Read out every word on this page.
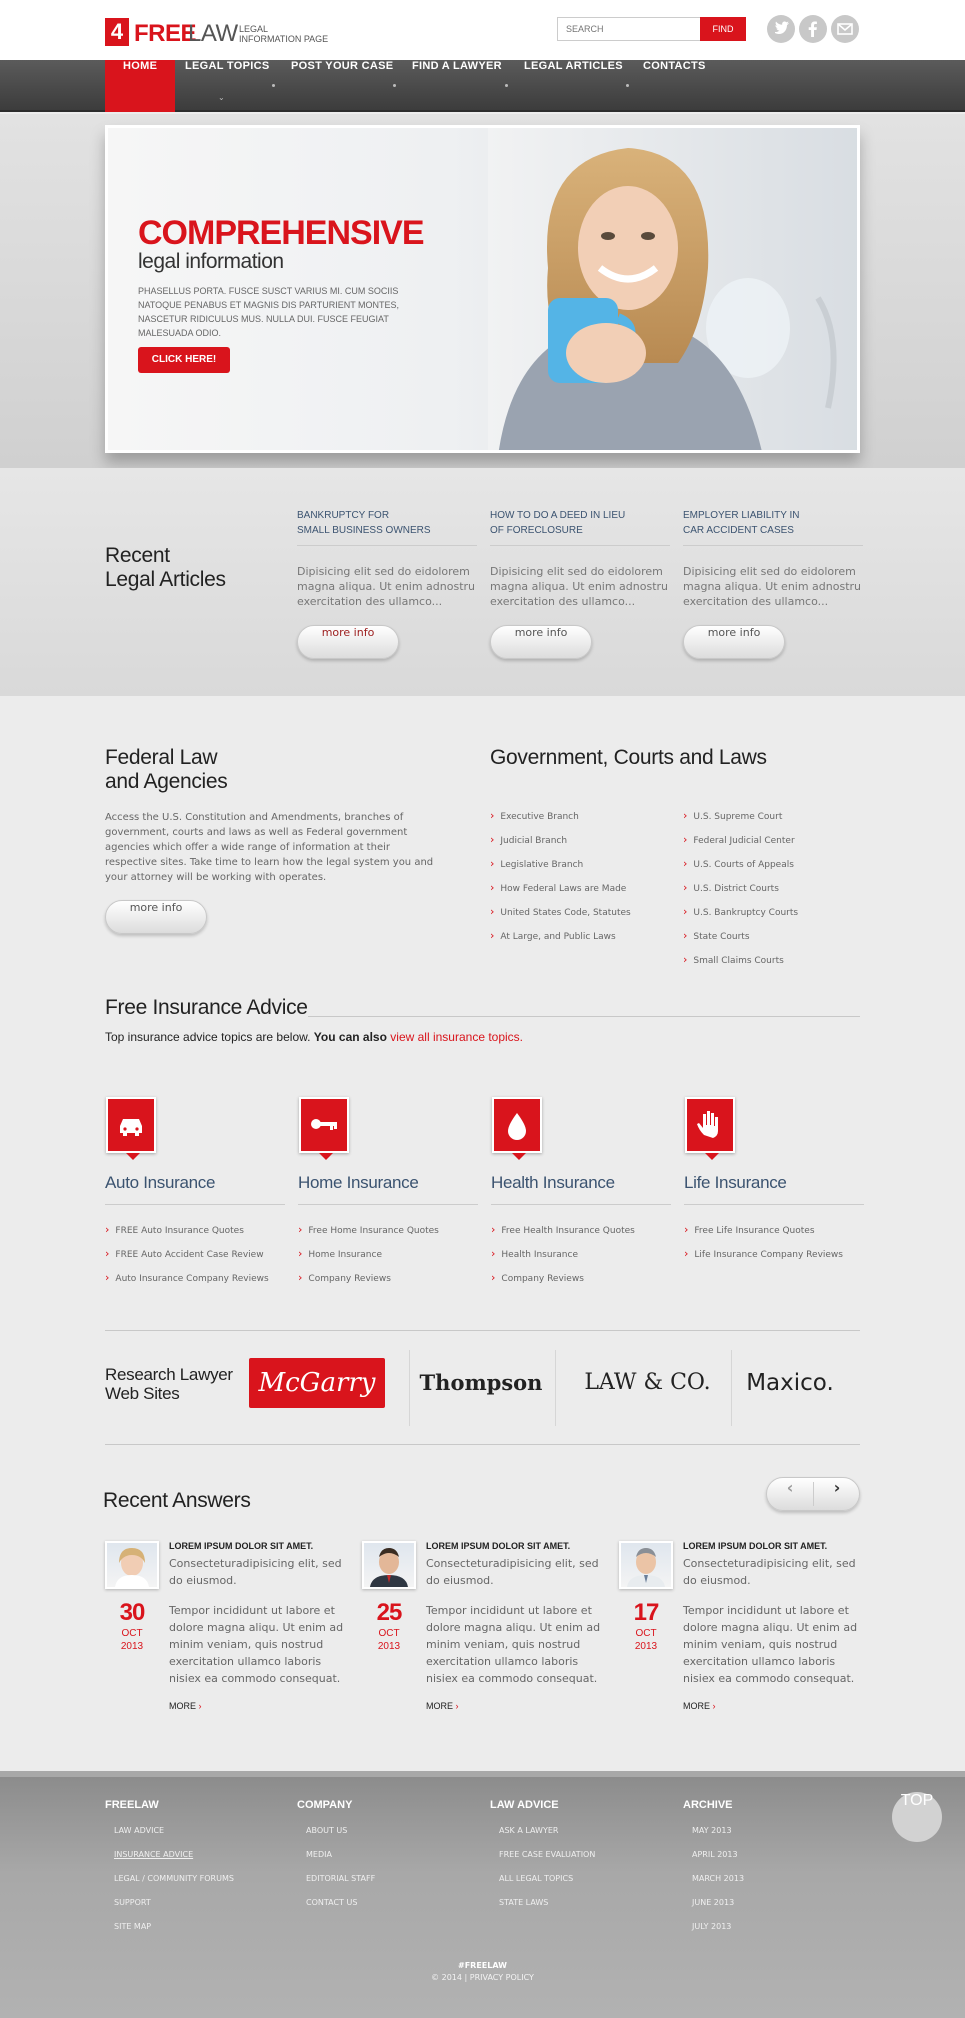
4 FREE
LAW LEGAL
INFORMATION PAGE
SEARCH
FIND
HOME	LEGAL TOPICS
⌄
POST YOUR CASE FIND A LAWYER LEGAL ARTICLES CONTACTS
COMPREHENSIVE
legal information
PHASELLUS PORTA. FUSCE SUSCT VARIUS MI. CUM SOCIIS NATOQUE PENABUS ET MAGNIS DIS PARTURIENT MONTES, NASCETUR RIDICULUS MUS. NULLA DUI. FUSCE FEUGIAT MALESUADA ODIO.
CLICK HERE!
Recent
Legal Articles
BANKRUPTCY FOR
SMALL BUSINESS OWNERS
Dipisicing elit sed do eidolorem magna aliqua. Ut enim adnostru exercitation des ullamco...
more info
HOW TO DO A DEED IN LIEU
OF FORECLOSURE
Dipisicing elit sed do eidolorem magna aliqua. Ut enim adnostru exercitation des ullamco...
more info
EMPLOYER LIABILITY IN
CAR ACCIDENT CASES
Dipisicing elit sed do eidolorem magna aliqua. Ut enim adnostru exercitation des ullamco...
more info
Federal Law
and Agencies
Access the U.S. Constitution and Amendments, branches of government, courts and laws as well as Federal government agencies which offer a wide range of information at their respective sites. Take time to learn how the legal system you and your attorney will be working with operates.
more info
Government, Courts and Laws
› Executive Branch
› Judicial Branch
› Legislative Branch
› How Federal Laws are Made
› United States Code, Statutes
› At Large, and Public Laws
› U.S. Supreme Court
› Federal Judicial Center
› U.S. Courts of Appeals
› U.S. District Courts
› U.S. Bankruptcy Courts
› State Courts
› Small Claims Courts
Free Insurance Advice
Top insurance advice topics are below. You can also view all insurance topics.
Auto Insurance	Home Insurance	Health Insurance	Life Insurance
› FREE Auto Insurance Quotes
› FREE Auto Accident Case Review
› Auto Insurance Company Reviews
› Free Home Insurance Quotes
› Home Insurance
› Company Reviews
› Free Health Insurance Quotes
› Health Insurance
› Company Reviews
› Free Life Insurance Quotes
› Life Insurance Company Reviews
Research Lawyer
Web Sites	McGarry	Thompson	LAW & CO.	Maxico.
Recent Answers
‹	›
LOREM IPSUM DOLOR SIT AMET.
Consecteturadipisicing elit, sed do eiusmod.
30
OCT
2013
Tempor incididunt ut labore et dolore magna aliqu. Ut enim ad minim veniam, quis nostrud exercitation ullamco laboris nisiex ea commodo consequat.
MORE ›
LOREM IPSUM DOLOR SIT AMET.
Consecteturadipisicing elit, sed do eiusmod.
25
OCT
2013
Tempor incididunt ut labore et dolore magna aliqu. Ut enim ad minim veniam, quis nostrud exercitation ullamco laboris nisiex ea commodo consequat.
MORE ›
LOREM IPSUM DOLOR SIT AMET.
Consecteturadipisicing elit, sed do eiusmod.
17
OCT
2013
Tempor incididunt ut labore et dolore magna aliqu. Ut enim ad minim veniam, quis nostrud exercitation ullamco laboris nisiex ea commodo consequat.
MORE ›
FREELAW
LAW ADVICE
INSURANCE ADVICE
LEGAL / COMMUNITY FORUMS
SUPPORT
SITE MAP
COMPANY
ABOUT US
MEDIA
EDITORIAL STAFF
CONTACT US
LAW ADVICE
ASK A LAWYER
FREE CASE EVALUATION
ALL LEGAL TOPICS
STATE LAWS
ARCHIVE
MAY 2013
APRIL 2013
MARCH 2013
JUNE 2013
JULY 2013
#FREELAW
© 2014 | PRIVACY POLICY
TOP
